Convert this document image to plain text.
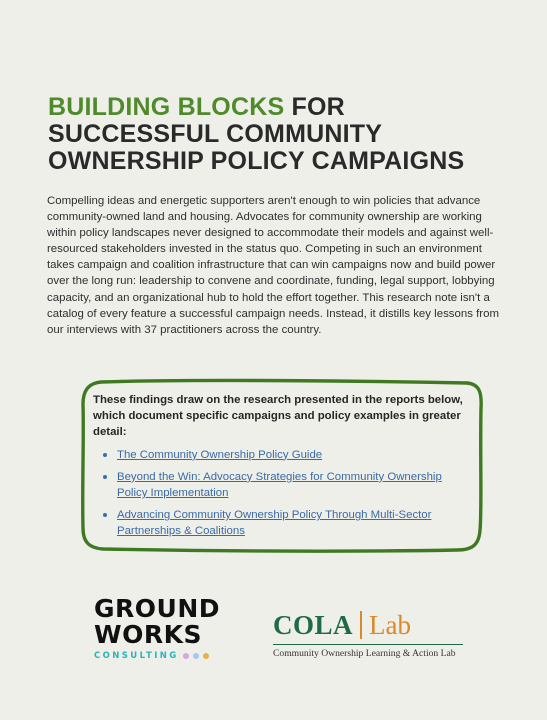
BUILDING BLOCKS FOR SUCCESSFUL COMMUNITY OWNERSHIP POLICY CAMPAIGNS

Compelling ideas and energetic supporters aren't enough to win policies that advance community-owned land and housing. Advocates for community ownership are working within policy landscapes never designed to accommodate their models and against well-resourced stakeholders invested in the status quo. Competing in such an environment takes campaign and coalition infrastructure that can win campaigns now and build power over the long run: leadership to convene and coordinate, funding, legal support, lobbying capacity, and an organizational hub to hold the effort together. This research note isn't a catalog of every feature a successful campaign needs. Instead, it distills key lessons from our interviews with 37 practitioners across the country.

These findings draw on the research presented in the reports below, which document specific campaigns and policy examples in greater detail:

The Community Ownership Policy Guide
Beyond the Win: Advocacy Strategies for Community Ownership Policy Implementation
Advancing Community Ownership Policy Through Multi-Sector Partnerships & Coalitions
GROUND
WORKS
CONSULTING
COLA Lab
Community Ownership Learning & Action Lab
